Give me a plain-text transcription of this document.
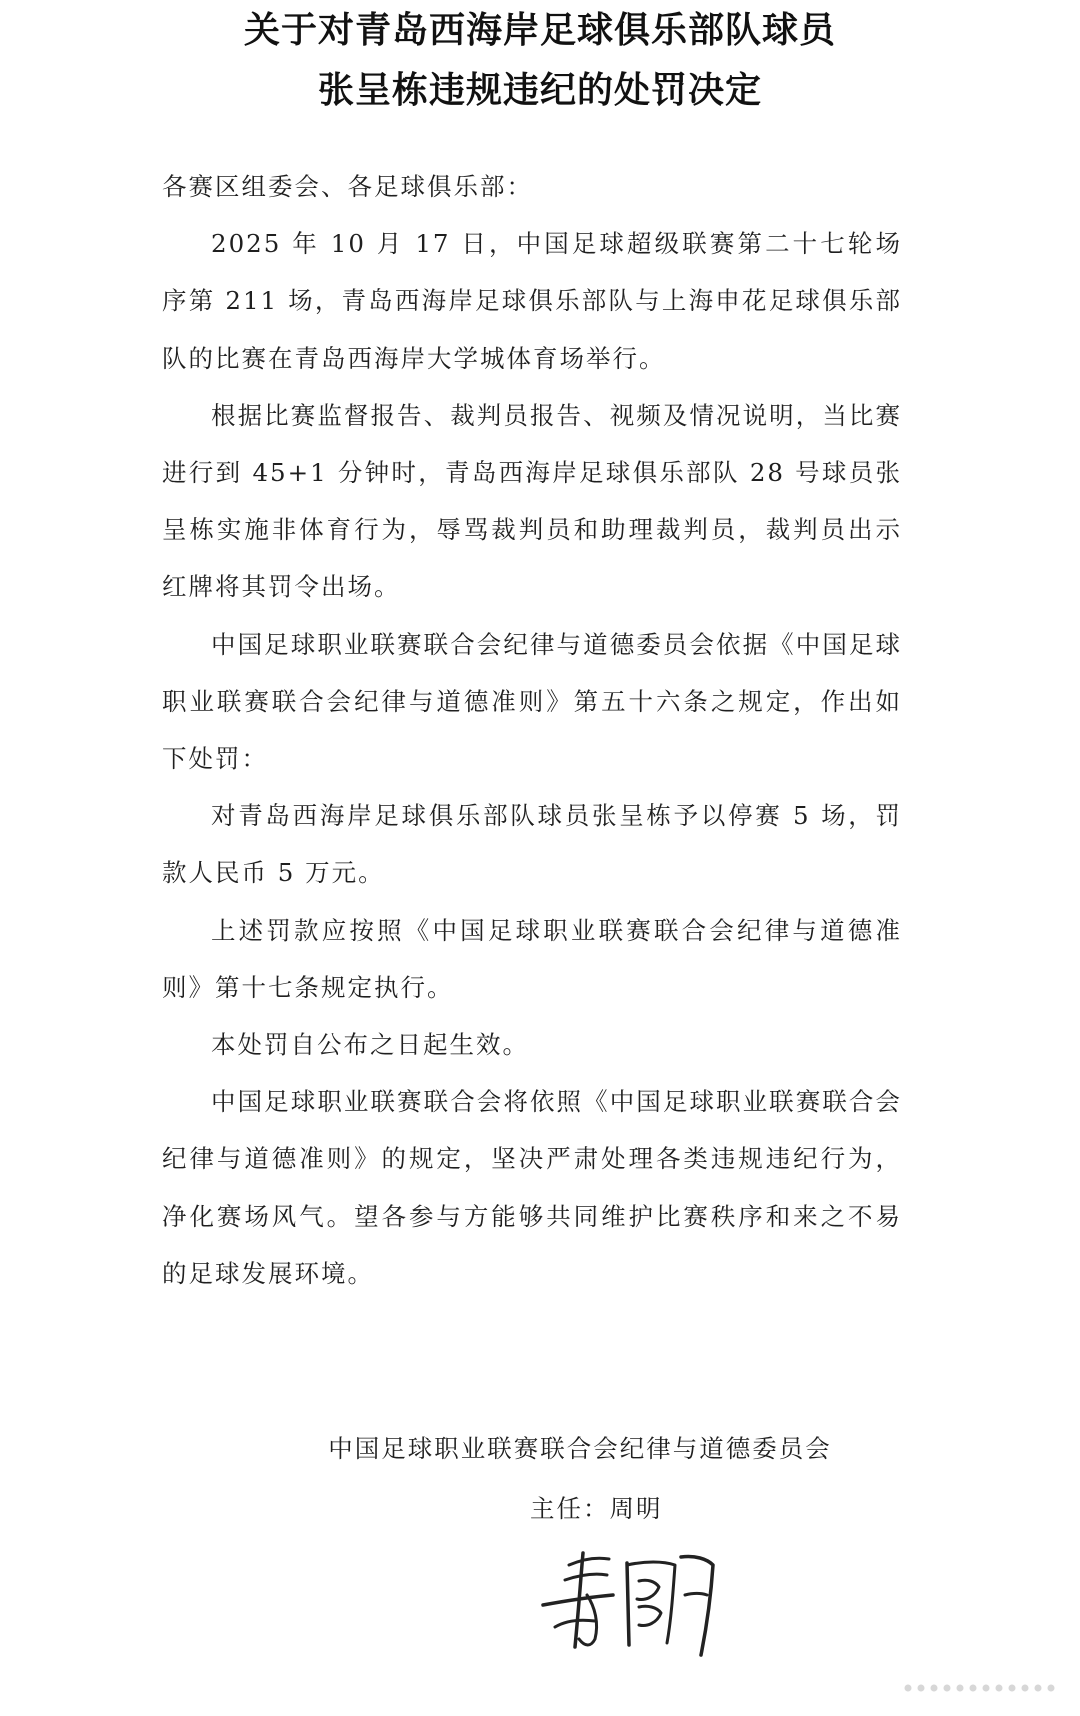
关于对青岛西海岸足球俱乐部队球员
张呈栋违规违纪的处罚决定

各赛区组委会、各足球俱乐部：

2025 年 10 月 17 日，中国足球超级联赛第二十七轮场序第 211 场，青岛西海岸足球俱乐部队与上海申花足球俱乐部队的比赛在青岛西海岸大学城体育场举行。

根据比赛监督报告、裁判员报告、视频及情况说明，当比赛进行到 45+1 分钟时，青岛西海岸足球俱乐部队 28 号球员张呈栋实施非体育行为，辱骂裁判员和助理裁判员，裁判员出示红牌将其罚令出场。

中国足球职业联赛联合会纪律与道德委员会依据《中国足球职业联赛联合会纪律与道德准则》第五十六条之规定，作出如下处罚：

对青岛西海岸足球俱乐部队球员张呈栋予以停赛 5 场，罚款人民币 5 万元。

上述罚款应按照《中国足球职业联赛联合会纪律与道德准则》第十七条规定执行。

本处罚自公布之日起生效。

中国足球职业联赛联合会将依照《中国足球职业联赛联合会纪律与道德准则》的规定，坚决严肃处理各类违规违纪行为，净化赛场风气。望各参与方能够共同维护比赛秩序和来之不易的足球发展环境。

中国足球职业联赛联合会纪律与道德委员会
主任：周明
